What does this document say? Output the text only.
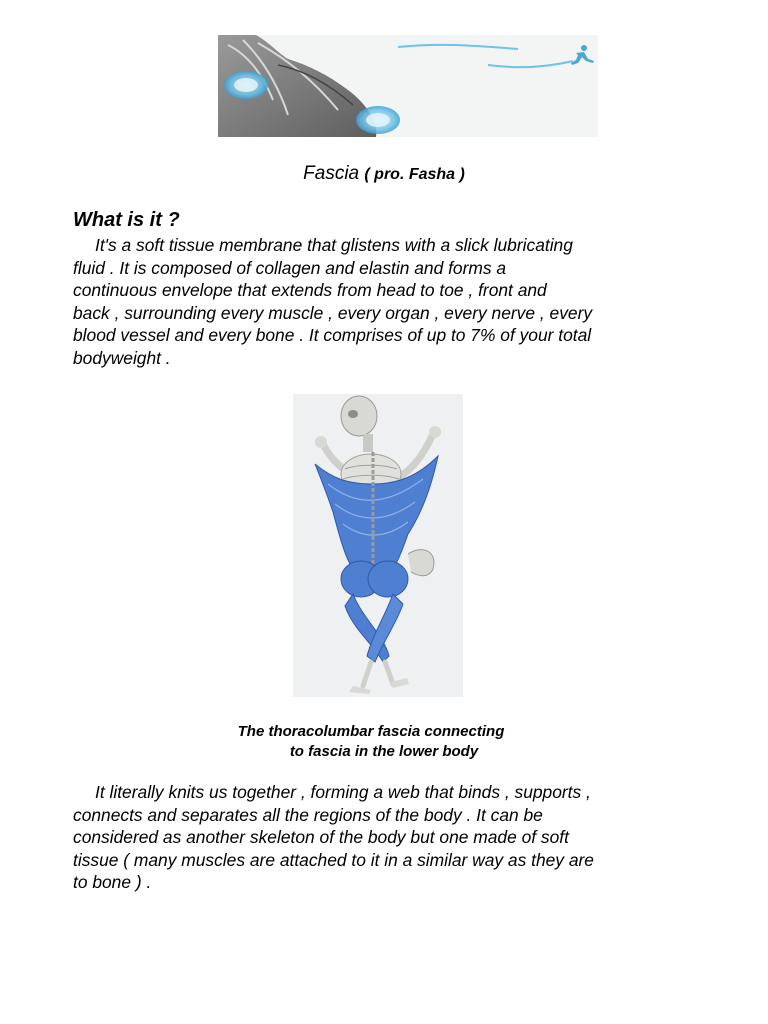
Fascia ( pro. Fasha )
What is it ?

It's a soft tissue membrane that glistens with a slick lubricating
fluid . It is composed of collagen and elastin and forms a
continuous envelope that extends from head to toe , front and
back , surrounding every muscle , every organ , every nerve , every
blood vessel and every bone . It comprises of up to 7% of your total
bodyweight .

The thoracolumbar fascia connecting
to fascia in the lower body

It literally knits us together , forming a web that binds , supports ,
connects and separates all the regions of the body . It can be
considered as another skeleton of the body but one made of soft
tissue ( many muscles are attached to it in a similar way as they are
to bone ) .
